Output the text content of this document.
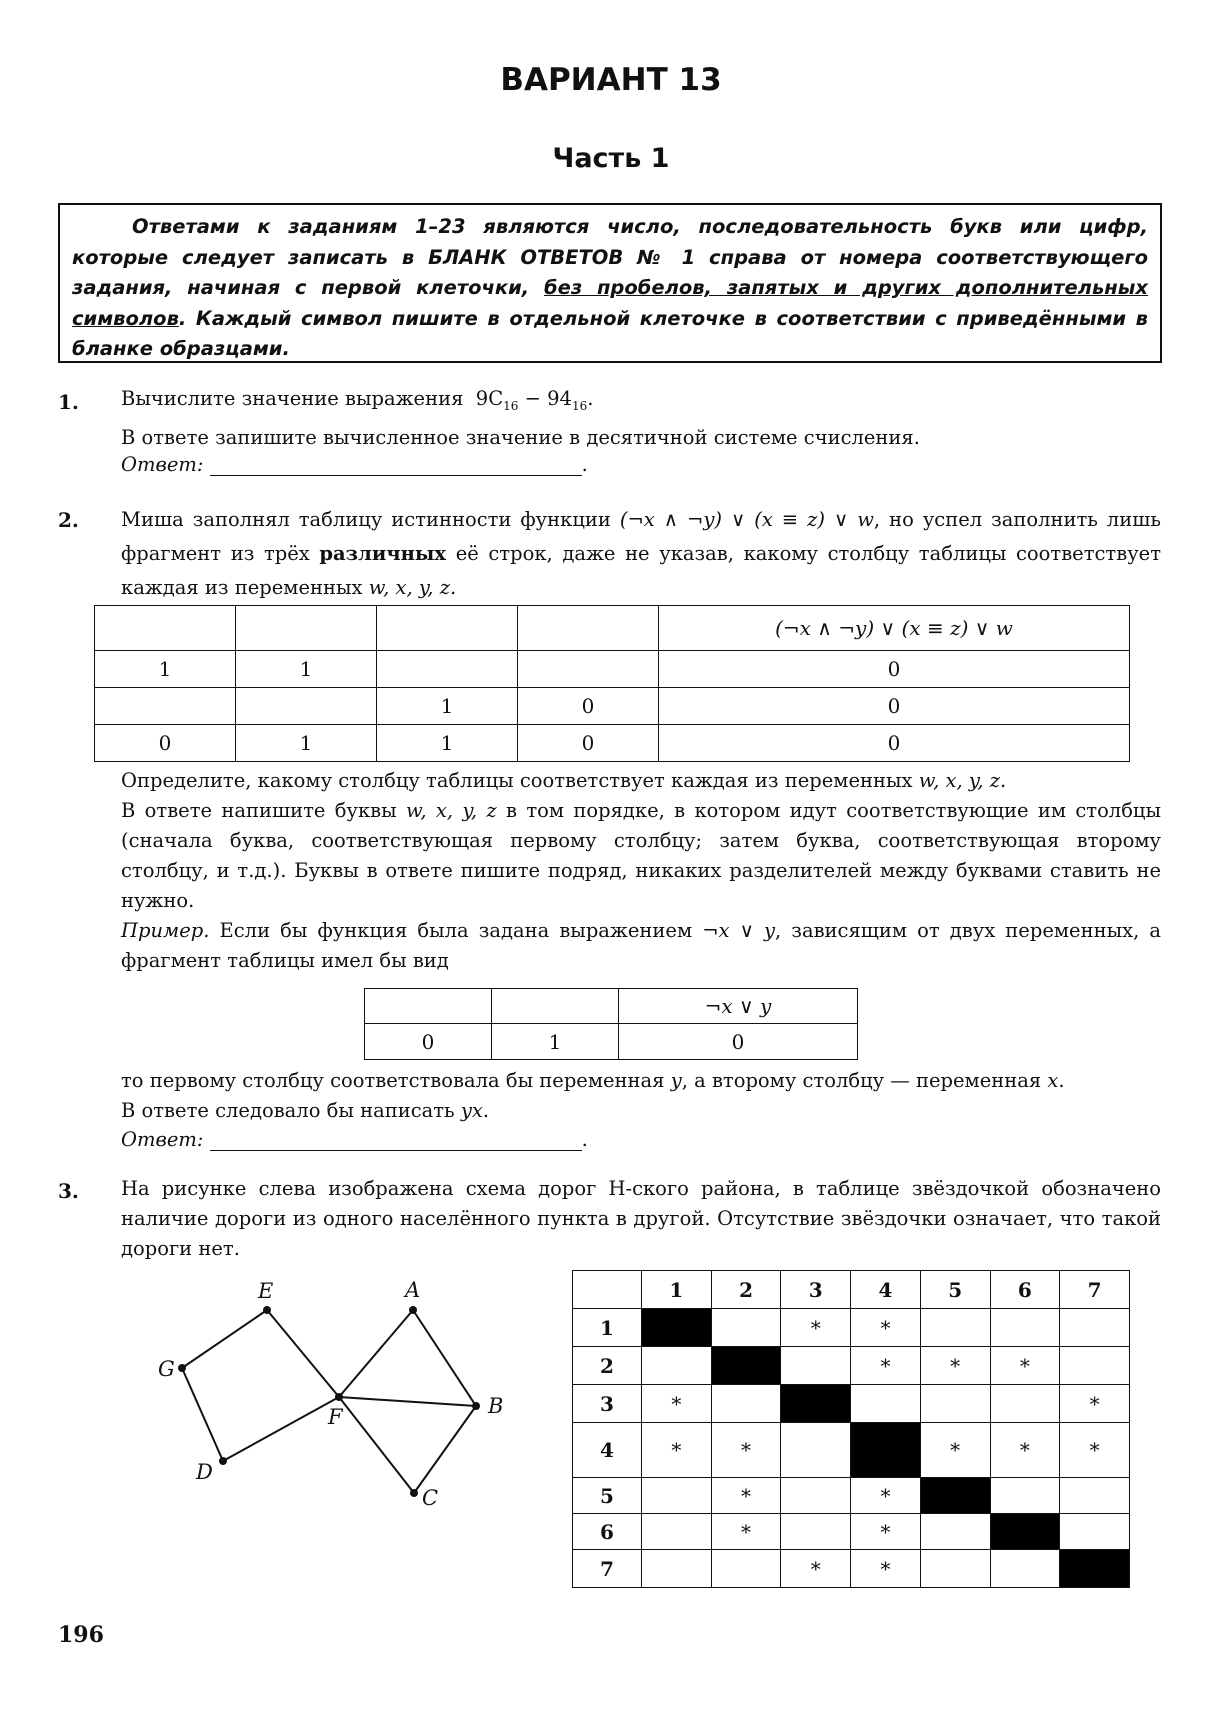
ВАРИАНТ 13
Часть 1
Ответами к заданиям 1–23 являются число, последовательность букв или цифр, которые следует записать в БЛАНК ОТВЕТОВ № 1 справа от номера соответствующего задания, начиная с первой клеточки, без пробелов, запятых и других дополнительных символов. Каждый символ пишите в отдельной клеточке в соответствии с приведёнными в бланке образцами.
1. Вычислите значение выражения $9C_{16} - 94_{16}$.
В ответе запишите вычисленное значение в десятичной системе счисления.
Ответ:	.
2. Миша заполнял таблицу истинности функции (¬x ∧ ¬y) ∨ (x ≡ z) ∨ w, но успел заполнить лишь фрагмент из трёх различных её строк, даже не указав, какому столбцу таблицы соответствует каждая из переменных w, x, y, z.
				(¬x ∧ ¬y) ∨ (x ≡ z) ∨ w
1	1			0
		1	0	0
0	1	1	0	0
Определите, какому столбцу таблицы соответствует каждая из переменных w, x, y, z.
В ответе напишите буквы w, x, y, z в том порядке, в котором идут соответствующие им столбцы (сначала буква, соответствующая первому столбцу; затем буква, соответствующая второму столбцу, и т.д.). Буквы в ответе пишите подряд, никаких разделителей между буквами ставить не нужно.
Пример. Если бы функция была задана выражением ¬x ∨ y, зависящим от двух переменных, а фрагмент таблицы имел бы вид
		¬x ∨ y
0	1	0
то первому столбцу соответствовала бы переменная y, а второму столбцу — переменная x.
В ответе следовало бы написать yx.
Ответ:	.
3. На рисунке слева изображена схема дорог Н-ского района, в таблице звёздочкой обозначено наличие дороги из одного населённого пункта в другой. Отсутствие звёздочки означает, что такой дороги нет.
E
G
D
F
A
B
C
	1	2	3	4	5	6	7
1			*	*			
2				*	*	*	
3	*						*
4	*	*			*	*	*
5		*		*			
6		*		*			
7			*	*			
196
